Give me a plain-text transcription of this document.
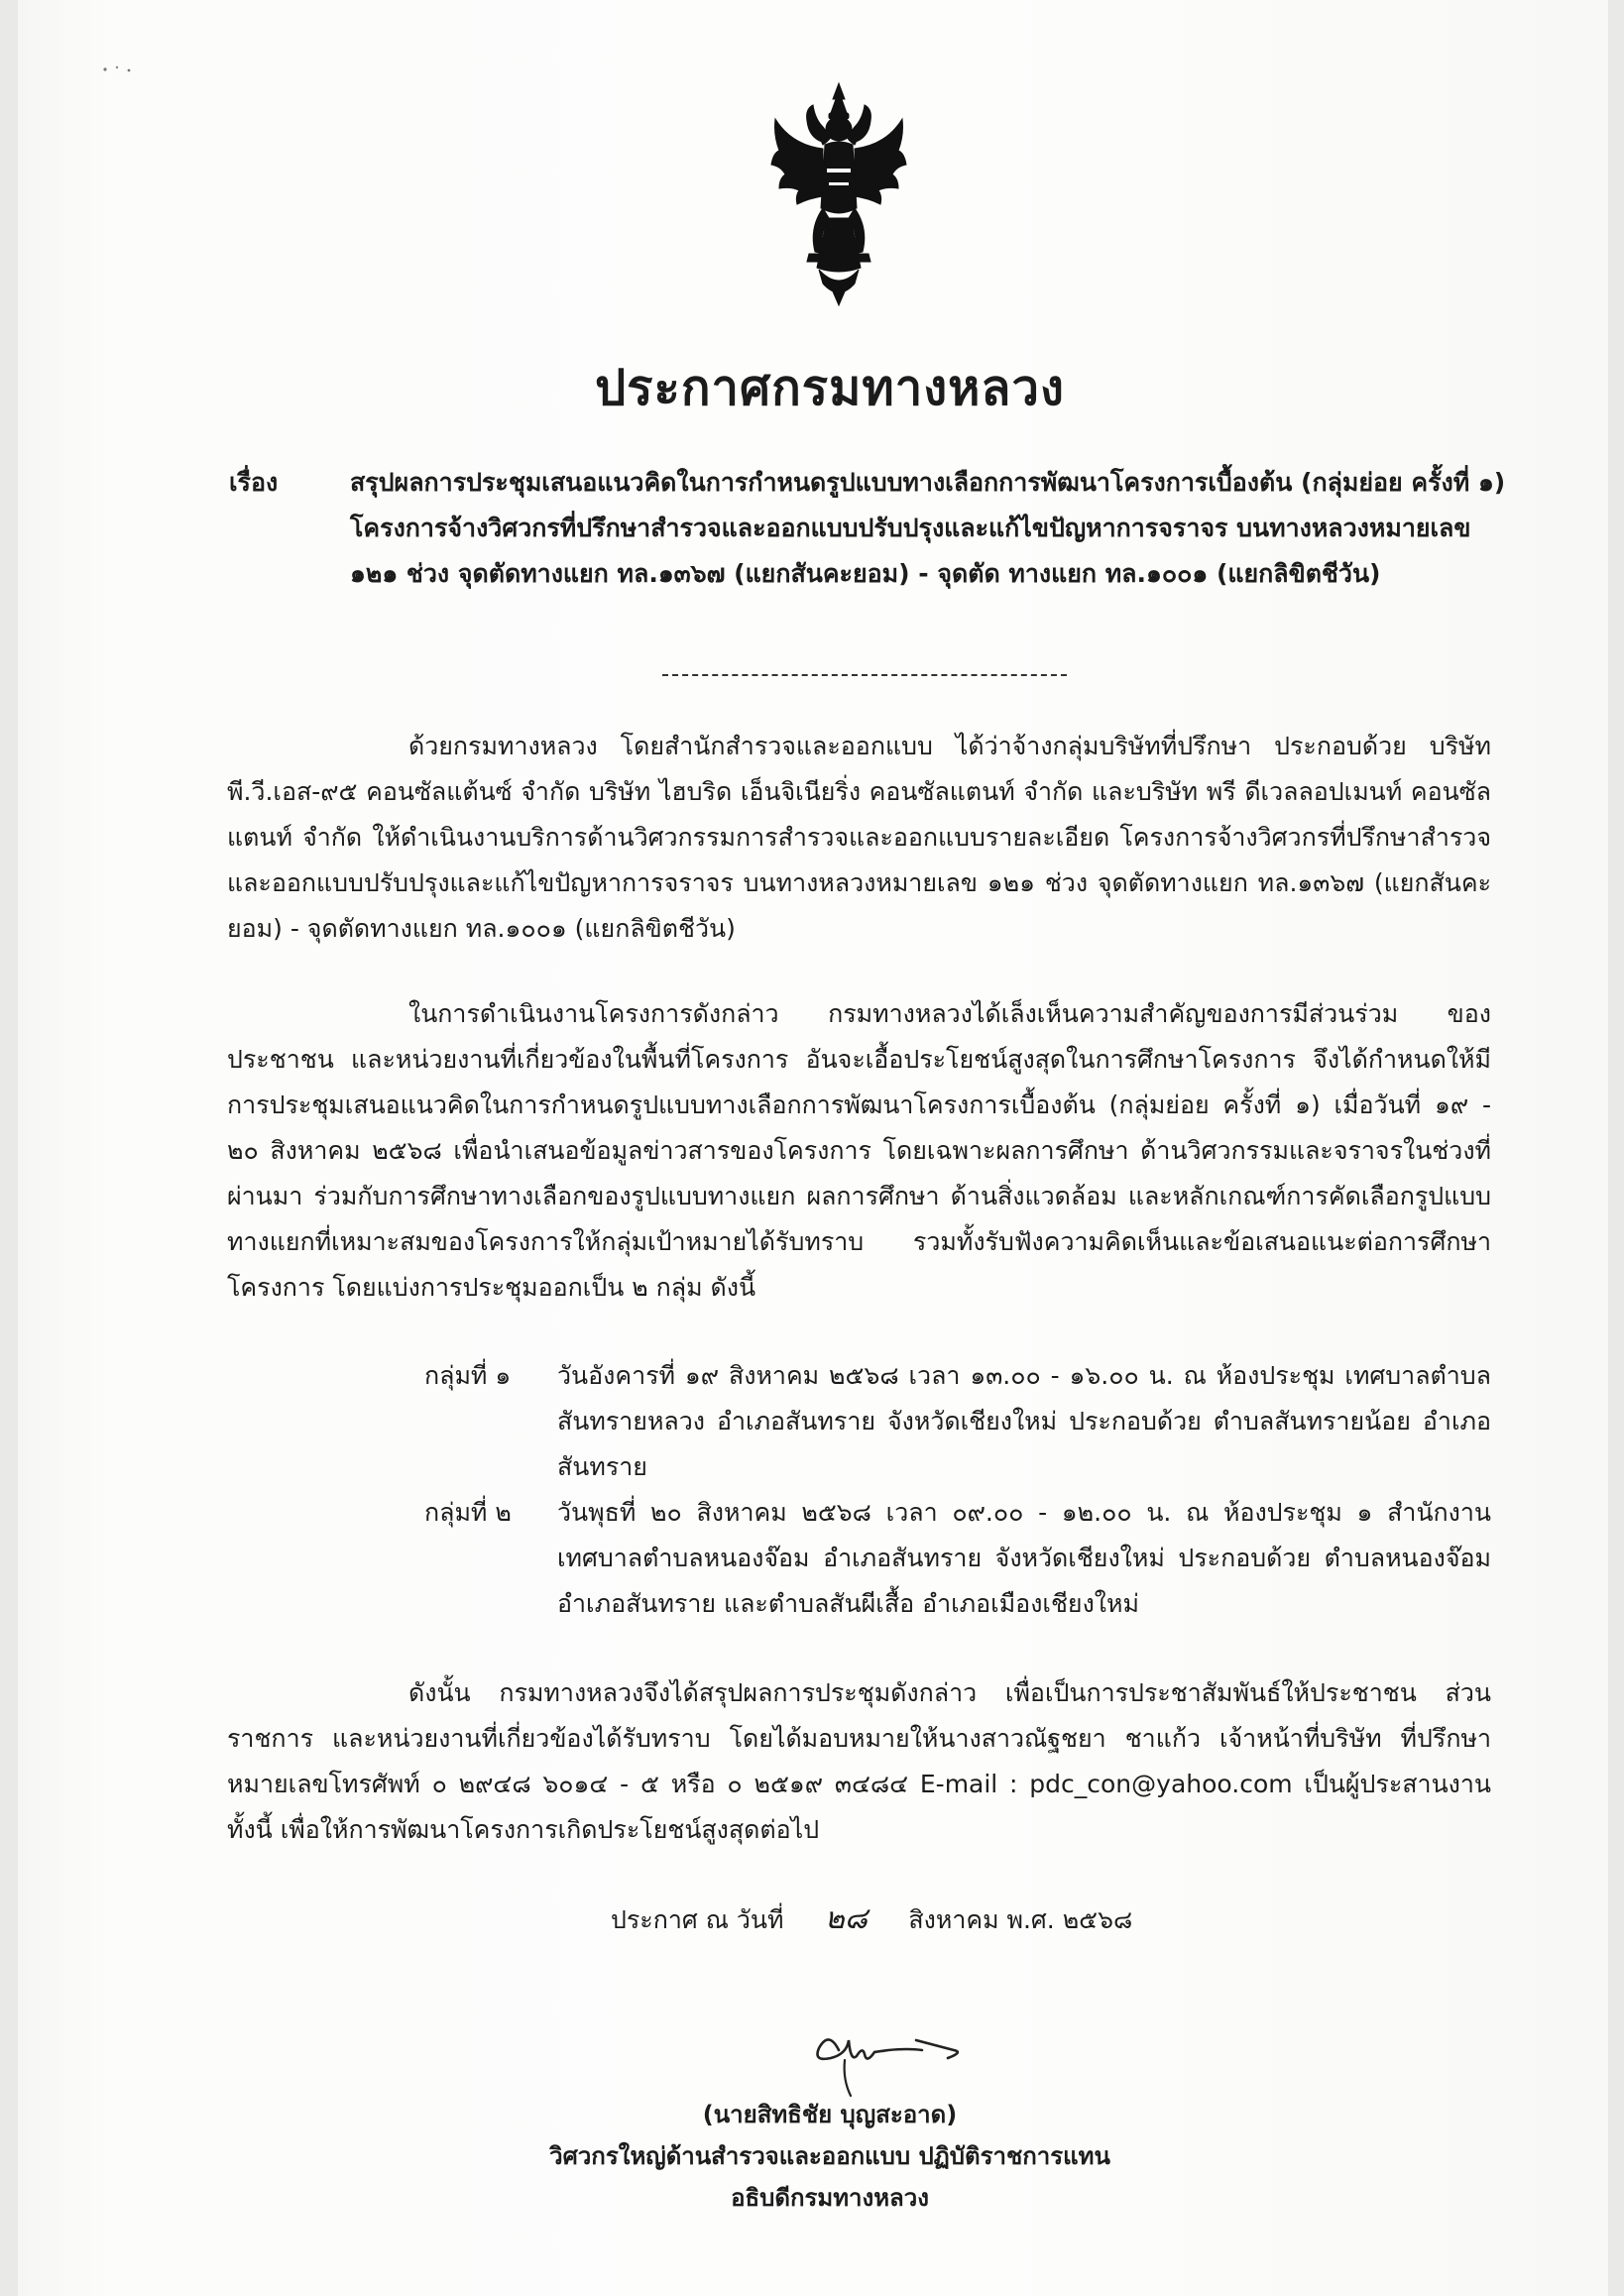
ประกาศกรมทางหลวง
เรื่อง	สรุปผลการประชุมเสนอแนวคิดในการกำหนดรูปแบบทางเลือกการพัฒนาโครงการเบื้องต้น (กลุ่มย่อย ครั้งที่ ๑) โครงการจ้างวิศวกรที่ปรึกษาสำรวจและออกแบบปรับปรุงและแก้ไขปัญหาการจราจร บนทางหลวงหมายเลข ๑๒๑ ช่วง จุดตัดทางแยก ทล.๑๓๖๗ (แยกสันคะยอม) - จุดตัด ทางแยก ทล.๑๐๐๑ (แยกลิขิตชีวัน)
ด้วยกรมทางหลวง โดยสำนักสำรวจและออกแบบ ได้ว่าจ้างกลุ่มบริษัทที่ปรึกษา ประกอบด้วย บริษัท พี.วี.เอส-๙๕ คอนซัลแต้นซ์ จำกัด บริษัท ไฮบริด เอ็นจิเนียริ่ง คอนซัลแตนท์ จำกัด และบริษัท พรี ดีเวลลอปเมนท์ คอนซัลแตนท์ จำกัด ให้ดำเนินงานบริการด้านวิศวกรรมการสำรวจและออกแบบรายละเอียด โครงการจ้างวิศวกรที่ปรึกษาสำรวจและออกแบบปรับปรุงและแก้ไขปัญหาการจราจร บนทางหลวงหมายเลข ๑๒๑ ช่วง จุดตัดทางแยก ทล.๑๓๖๗ (แยกสันคะยอม) - จุดตัดทางแยก ทล.๑๐๐๑ (แยกลิขิตชีวัน)
ในการดำเนินงานโครงการดังกล่าว กรมทางหลวงได้เล็งเห็นความสำคัญของการมีส่วนร่วม ของประชาชน และหน่วยงานที่เกี่ยวข้องในพื้นที่โครงการ อันจะเอื้อประโยชน์สูงสุดในการศึกษาโครงการ จึงได้กำหนดให้มีการประชุมเสนอแนวคิดในการกำหนดรูปแบบทางเลือกการพัฒนาโครงการเบื้องต้น (กลุ่มย่อย ครั้งที่ ๑) เมื่อวันที่ ๑๙ - ๒๐ สิงหาคม ๒๕๖๘ เพื่อนำเสนอข้อมูลข่าวสารของโครงการ โดยเฉพาะผลการศึกษา ด้านวิศวกรรมและจราจรในช่วงที่ผ่านมา ร่วมกับการศึกษาทางเลือกของรูปแบบทางแยก ผลการศึกษา ด้านสิ่งแวดล้อม และหลักเกณฑ์การคัดเลือกรูปแบบทางแยกที่เหมาะสมของโครงการให้กลุ่มเป้าหมายได้รับทราบ รวมทั้งรับฟังความคิดเห็นและข้อเสนอแนะต่อการศึกษาโครงการ โดยแบ่งการประชุมออกเป็น ๒ กลุ่ม ดังนี้
กลุ่มที่ ๑ วันอังคารที่ ๑๙ สิงหาคม ๒๕๖๘ เวลา ๑๓.๐๐ - ๑๖.๐๐ น. ณ ห้องประชุม เทศบาลตำบลสันทรายหลวง อำเภอสันทราย จังหวัดเชียงใหม่ ประกอบด้วย ตำบลสันทรายน้อย อำเภอสันทราย
กลุ่มที่ ๒ วันพุธที่ ๒๐ สิงหาคม ๒๕๖๘ เวลา ๐๙.๐๐ - ๑๒.๐๐ น. ณ ห้องประชุม ๑ สำนักงานเทศบาลตำบลหนองจ๊อม อำเภอสันทราย จังหวัดเชียงใหม่ ประกอบด้วย ตำบลหนองจ๊อม อำเภอสันทราย และตำบลสันผีเสื้อ อำเภอเมืองเชียงใหม่
ดังนั้น กรมทางหลวงจึงได้สรุปผลการประชุมดังกล่าว เพื่อเป็นการประชาสัมพันธ์ให้ประชาชน ส่วนราชการ และหน่วยงานที่เกี่ยวข้องได้รับทราบ โดยได้มอบหมายให้นางสาวณัฐชยา ชาแก้ว เจ้าหน้าที่บริษัท ที่ปรึกษา หมายเลขโทรศัพท์ ๐ ๒๙๔๘ ๖๐๑๔ - ๕ หรือ ๐ ๒๕๑๙ ๓๔๘๔ E-mail : pdc_con@yahoo.com เป็นผู้ประสานงาน ทั้งนี้ เพื่อให้การพัฒนาโครงการเกิดประโยชน์สูงสุดต่อไป
ประกาศ ณ วันที่ ๒๘ สิงหาคม พ.ศ. ๒๕๖๘
(นายสิทธิชัย บุญสะอาด)
วิศวกรใหญ่ด้านสำรวจและออกแบบ ปฏิบัติราชการแทน
อธิบดีกรมทางหลวง
